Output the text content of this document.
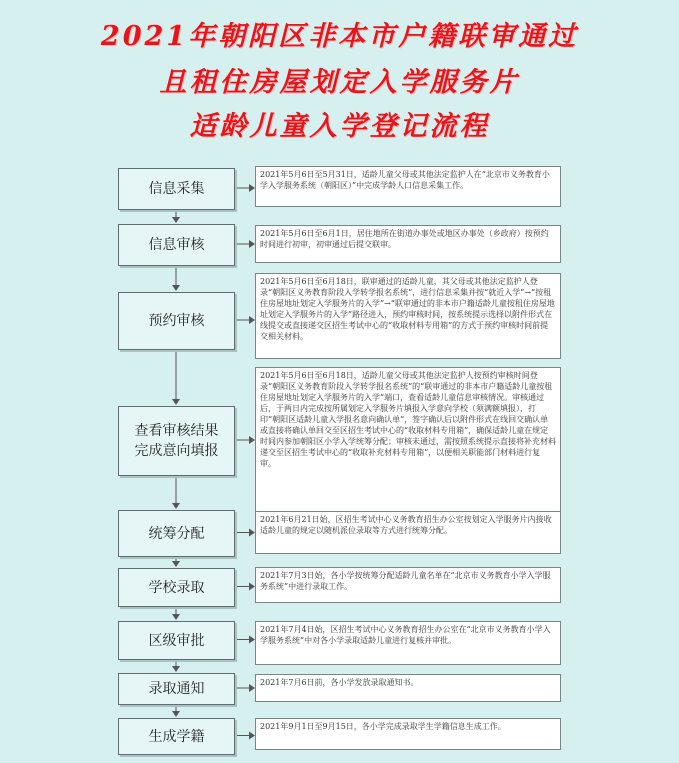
2021年朝阳区非本市户籍联审通过
且租住房屋划定入学服务片
适龄儿童入学登记流程
信息采集
2021年5月6日至5月31日，适龄儿童父母或其他法定监护人在“北京市义务教育小学入学服务系统（朝阳区）”中完成学龄人口信息采集工作。
信息审核
2021年5月6日至6月1日，居住地所在街道办事处或地区办事处（乡政府）按预约时间进行初审，初审通过后提交联审。
预约审核
2021年5月6日至6月18日，联审通过的适龄儿童，其父母或其他法定监护人登录“朝阳区义务教育阶段入学转学报名系统”，进行信息采集并按“就近入学”→“按租住房屋地址划定入学服务片的入学”→“联审通过的非本市户籍适龄儿童按租住房屋地址划定入学服务片的入学”路径进入，预约审核时间，按系统提示选择以附件形式在线提交或直接递交区招生考试中心的“收取材料专用箱”的方式于预约审核时间前提交相关材料。
查看审核结果
完成意向填报
2021年5月6日至6月18日，适龄儿童父母或其他法定监护人按预约审核时间登录“朝阳区义务教育阶段入学转学报名系统”的“联审通过的非本市户籍适龄儿童按租住房屋地址划定入学服务片的入学”端口，查看适龄儿童信息审核情况。审核通过后，于两日内完成按所属划定入学服务片填报入学意向学校（须满额填报），打印“朝阳区适龄儿童入学报名意向确认单”，签字确认后以附件形式在线回交确认单或直接将确认单回交至区招生考试中心的“收取材料专用箱”，确保适龄儿童在规定时间内参加朝阳区小学入学统筹分配；审核未通过，需按照系统提示直接将补充材料递交至区招生考试中心的“收取补充材料专用箱”，以便相关职能部门材料进行复审。
统筹分配
2021年6月21日始，区招生考试中心义务教育招生办公室按划定入学服务片内接收适龄儿童的规定以随机派位录取等方式进行统筹分配。
学校录取
2021年7月3日始，各小学按统筹分配适龄儿童名单在“北京市义务教育小学入学服务系统”中进行录取工作。
区级审批
2021年7月4日始，区招生考试中心义务教育招生办公室在“北京市义务教育小学入学服务系统”中对各小学录取适龄儿童进行复核并审批。
录取通知	2021年7月6日前，各小学发放录取通知书。
生成学籍
2021年9月1日至9月15日，各小学完成录取学生学籍信息生成工作。
